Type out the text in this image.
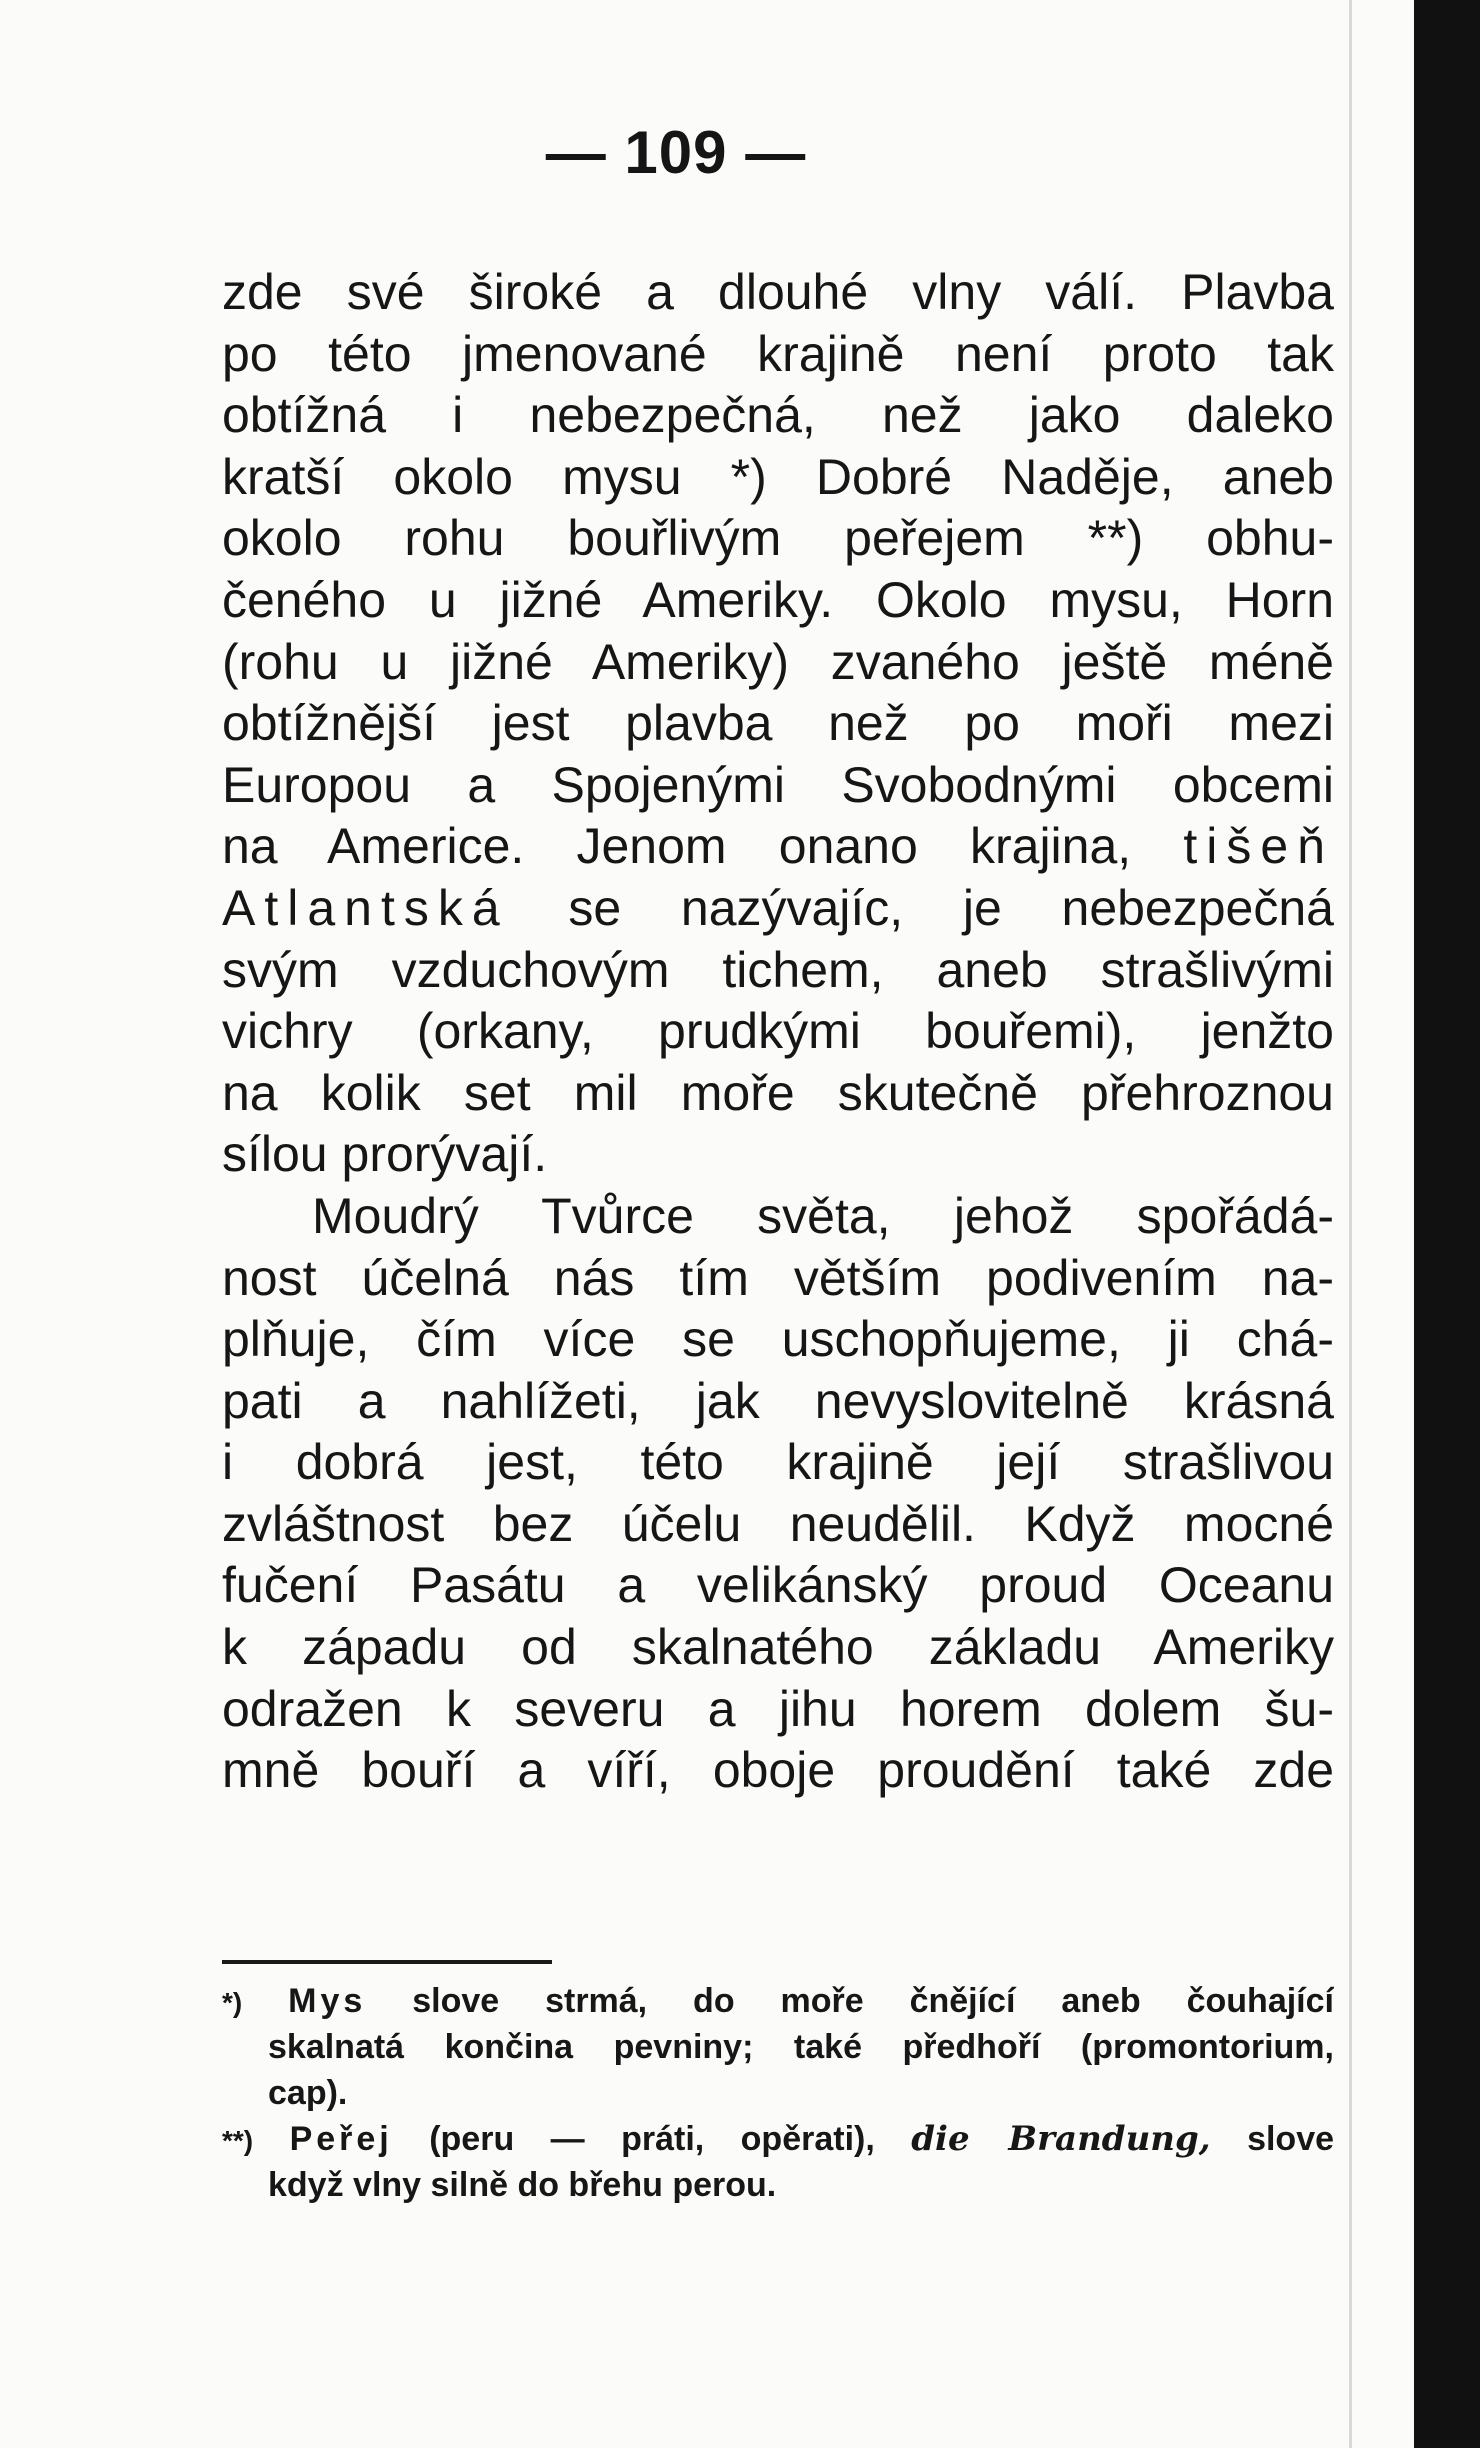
— 109 —
zde své široké a dlouhé vlny válí. Plavba
po této jmenované krajině není proto tak
obtížná i nebezpečná, než jako daleko
kratší okolo mysu *) Dobré Naděje, aneb
okolo rohu bouřlivým peřejem **) obhu-
čeného u jižné Ameriky. Okolo mysu, Horn
(rohu u jižné Ameriky) zvaného ještě méně
obtížnější jest plavba než po moři mezi
Europou a Spojenými Svobodnými obcemi
na Americe. Jenom onano krajina, tišeň
Atlantská se nazývajíc, je nebezpečná
svým vzduchovým tichem, aneb strašlivými
vichry (orkany, prudkými bouřemi), jenžto
na kolik set mil moře skutečně přehroznou
sílou prorývají.
Moudrý Tvůrce světa, jehož spořádá-
nost účelná nás tím větším podivením na-
plňuje, čím více se uschopňujeme, ji chá-
pati a nahlížeti, jak nevyslovitelně krásná
i dobrá jest, této krajině její strašlivou
zvláštnost bez účelu neudělil. Když mocné
fučení Pasátu a velikánský proud Oceanu
k západu od skalnatého základu Ameriky
odražen k severu a jihu horem dolem šu-
mně bouří a víří, oboje proudění také zde
*) Mys slove strmá, do moře čnějící aneb čouhající
skalnatá končina pevniny; také předhoří (promontorium,
cap).
**) Peřej (peru — práti, opěrati), die Brandung, slove
když vlny silně do břehu perou.
